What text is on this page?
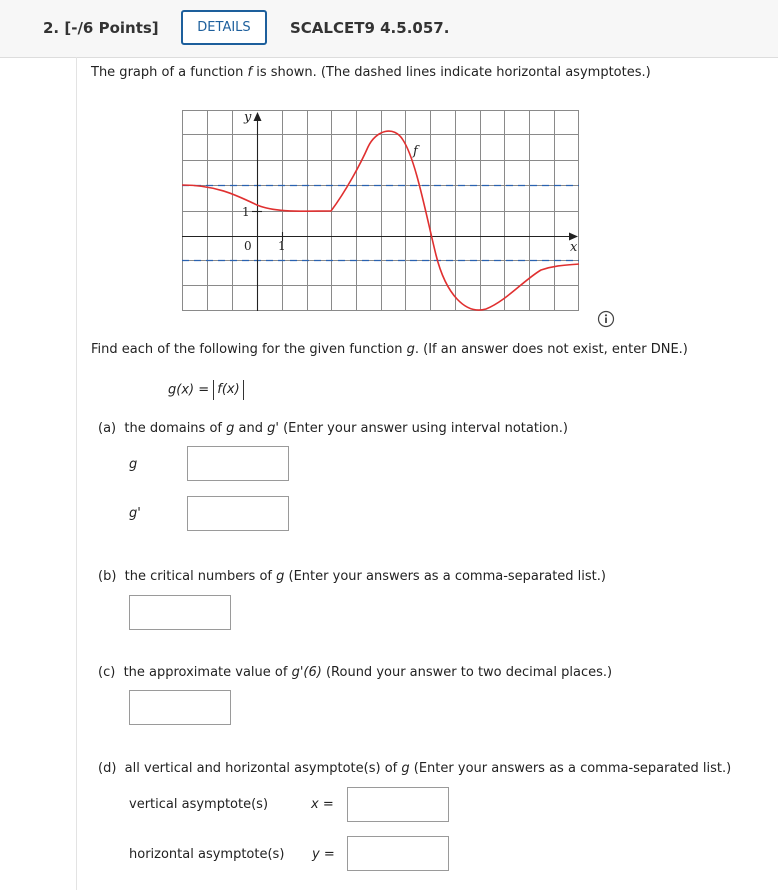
2. [-/6 Points]	DETAILS	SCALCET9 4.5.057.
The graph of a function f is shown. (The dashed lines indicate horizontal asymptotes.)
y
x
f
1
0 1
Find each of the following for the given function g. (If an answer does not exist, enter DNE.)
g(x) = f(x)
(a) the domains of g and g' (Enter your answer using interval notation.)
g
g'
(b) the critical numbers of g (Enter your answers as a comma-separated list.)
(c) the approximate value of g'(6) (Round your answer to two decimal places.)
(d) all vertical and horizontal asymptote(s) of g (Enter your answers as a comma-separated list.)
vertical asymptote(s)	x =
horizontal asymptote(s) y =
